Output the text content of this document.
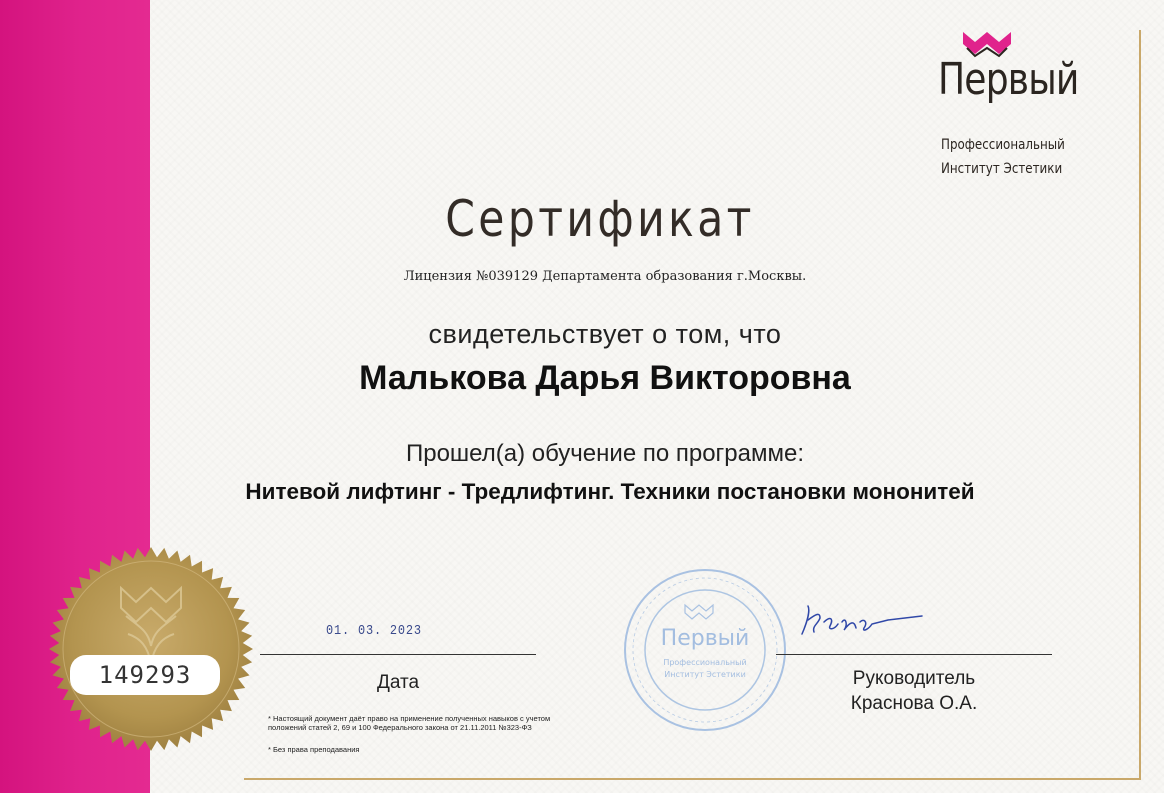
Первый
Профессиональный
Институт Эстетики
Сертификат
Лицензия №039129 Департамента образования г.Москвы.
свидетельствует о том, что
Малькова Дарья Викторовна
Прошел(а) обучение по программе:
Нитевой лифтинг - Тредлифтинг. Техники постановки мононитей
01. 03. 2023
Дата
Первый
Профессиональный
Институт Эстетики	Руководитель
Краснова О.А.
* Настоящий документ даёт право на применение полученных навыков с учетом положений статей 2, 69 и 100 Федерального закона от 21.11.2011 №323-ФЗ
* Без права преподавания
149293
